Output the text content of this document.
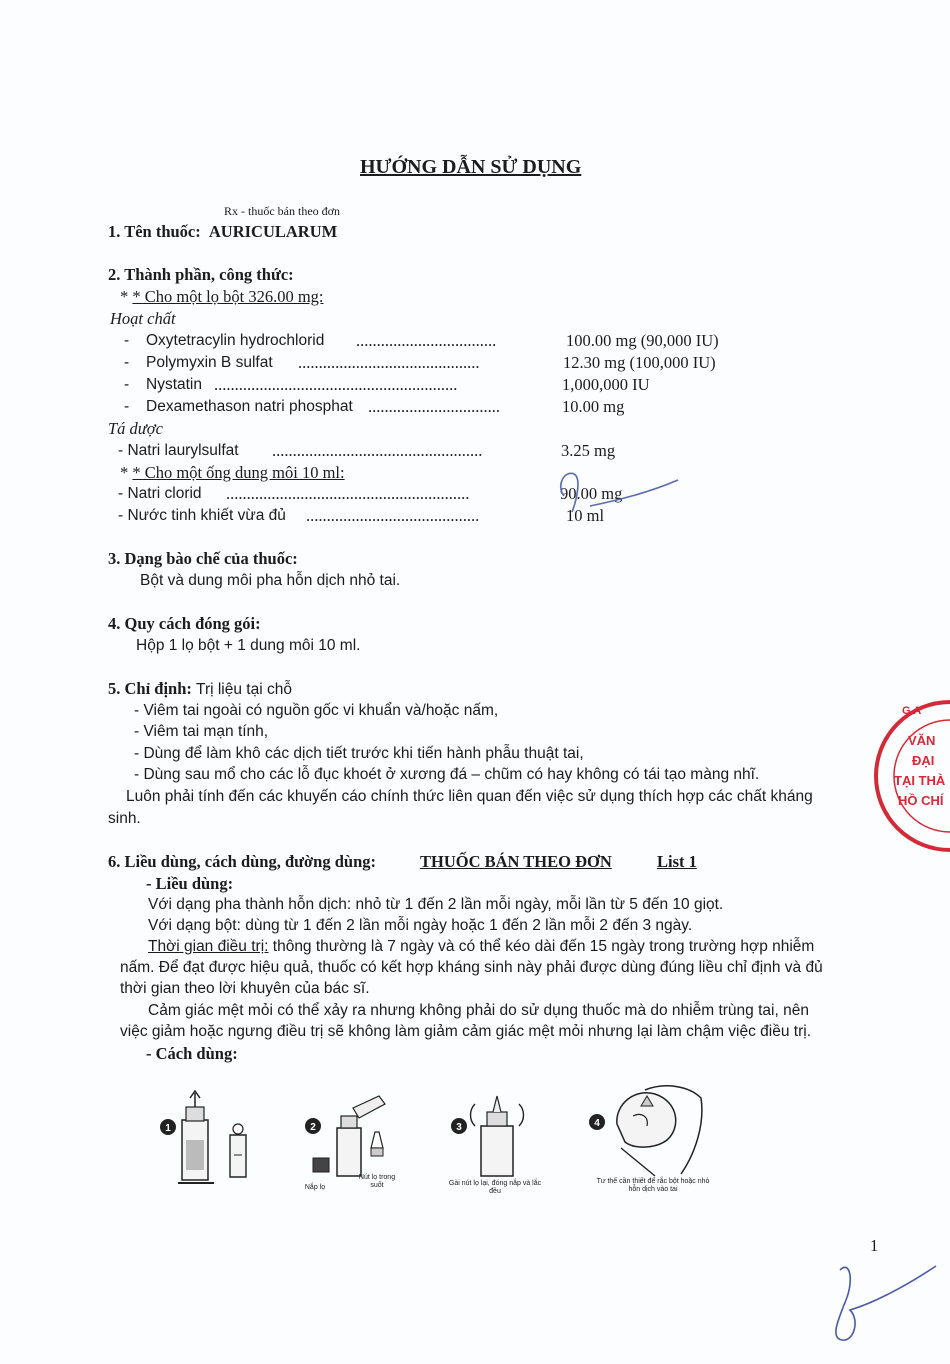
HƯỚNG DẪN SỬ DỤNG
Rx - thuốc bán theo đơn
1. Tên thuốc: AURICULARUM
2. Thành phần, công thức:
* * Cho một lọ bột 326.00 mg:
Hoạt chất
- Oxytetracylin hydrochlorid ..................................	100.00 mg (90,000 IU)
- Polymyxin B sulfat ............................................	12.30 mg (100,000 IU)
- Nystatin ...........................................................	1,000,000 IU
- Dexamethason natri phosphat ................................	10.00 mg
Tá dược
- Natri laurylsulfat ...................................................	3.25 mg
* * Cho một ống dung môi 10 ml:
- Natri clorid ...........................................................	90.00 mg
- Nước tinh khiết vừa đủ ..........................................	10 ml
3. Dạng bào chế của thuốc:
Bột và dung môi pha hỗn dịch nhỏ tai.
4. Quy cách đóng gói:
Hộp 1 lọ bột + 1 dung môi 10 ml.
5. Chỉ định: Trị liệu tại chỗ
- Viêm tai ngoài có nguồn gốc vi khuẩn và/hoặc nấm,
- Viêm tai mạn tính,
- Dùng để làm khô các dịch tiết trước khi tiến hành phẫu thuật tai,
- Dùng sau mổ cho các lỗ đục khoét ở xương đá – chũm có hay không có tái tạo màng nhĩ.
Luôn phải tính đến các khuyến cáo chính thức liên quan đến việc sử dụng thích hợp các chất kháng
sinh.
6. Liều dùng, cách dùng, đường dùng:	THUỐC BÁN THEO ĐƠN	List 1
- Liều dùng:
Với dạng pha thành hỗn dịch: nhỏ từ 1 đến 2 lần mỗi ngày, mỗi lần từ 5 đến 10 giọt.
Với dạng bột: dùng từ 1 đến 2 lần mỗi ngày hoặc 1 đến 2 lần mỗi 2 đến 3 ngày.
Thời gian điều trị: thông thường là 7 ngày và có thể kéo dài đến 15 ngày trong trường hợp nhiễm
nấm. Để đạt được hiệu quả, thuốc có kết hợp kháng sinh này phải được dùng đúng liều chỉ định và đủ
thời gian theo lời khuyên của bác sĩ.
Cảm giác mệt mỏi có thể xảy ra nhưng không phải do sử dụng thuốc mà do nhiễm trùng tai, nên
việc giảm hoặc ngưng điều trị sẽ không làm giảm cảm giác mệt mỏi nhưng lại làm chậm việc điều trị.
- Cách dùng:
1	2
Nắp lọ
Nút lọ trong suốt
3
Gài nút lọ lại, đóng nắp và lắc đều
4
Tư thế cần thiết để rắc bột hoặc nhỏ hỗn dịch vào tai
VĂN
ĐẠI
TẠI THÀ
HỒ CHÍ
G A
1
